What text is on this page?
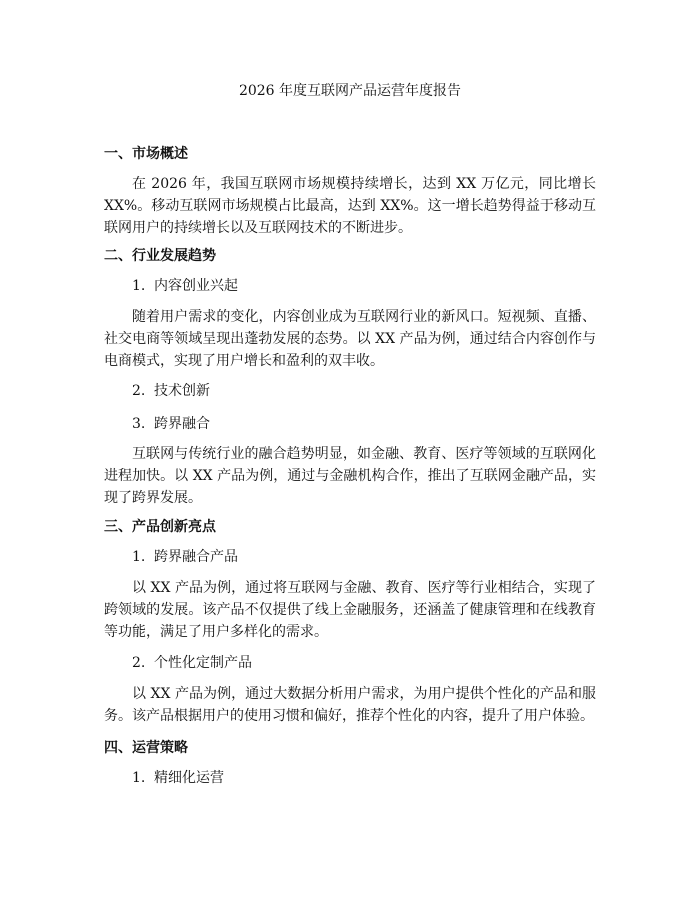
2026 年度互联网产品运营年度报告
一、市场概述

在 2026 年，我国互联网市场规模持续增长，达到 XX 万亿元，同比增长 XX%。移动互联网市场规模占比最高，达到 XX%。这一增长趋势得益于移动互联网用户的持续增长以及互联网技术的不断进步。

二、行业发展趋势
1. 内容创业兴起

随着用户需求的变化，内容创业成为互联网行业的新风口。短视频、直播、社交电商等领域呈现出蓬勃发展的态势。以 XX 产品为例，通过结合内容创作与电商模式，实现了用户增长和盈利的双丰收。

2. 技术创新
3. 跨界融合

互联网与传统行业的融合趋势明显，如金融、教育、医疗等领域的互联网化进程加快。以 XX 产品为例，通过与金融机构合作，推出了互联网金融产品，实现了跨界发展。

三、产品创新亮点
1. 跨界融合产品

以 XX 产品为例，通过将互联网与金融、教育、医疗等行业相结合，实现了跨领域的发展。该产品不仅提供了线上金融服务，还涵盖了健康管理和在线教育等功能，满足了用户多样化的需求。

2. 个性化定制产品

以 XX 产品为例，通过大数据分析用户需求，为用户提供个性化的产品和服务。该产品根据用户的使用习惯和偏好，推荐个性化的内容，提升了用户体验。

四、运营策略
1. 精细化运营
